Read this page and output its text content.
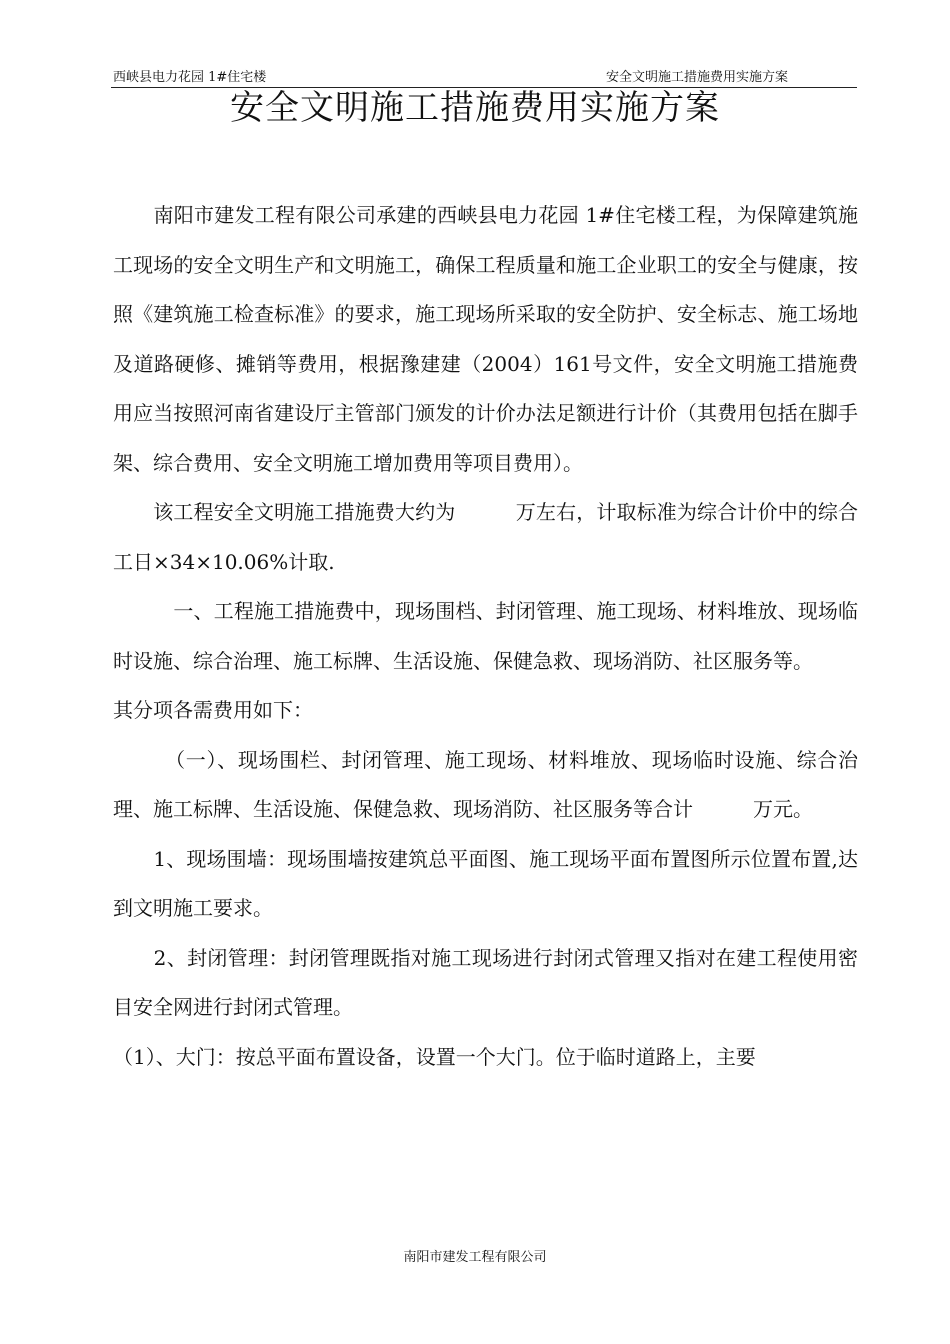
西峡县电力花园 1#住宅楼	安全文明施工措施费用实施方案
安全文明施工措施费用实施方案

　　南阳市建发工程有限公司承建的西峡县电力花园 1#住宅楼工程，为保障建筑施工现场的安全文明生产和文明施工，确保工程质量和施工企业职工的安全与健康，按照《建筑施工检查标准》的要求，施工现场所采取的安全防护、安全标志、施工场地及道路硬修、摊销等费用，根据豫建建（2004）161号文件，安全文明施工措施费用应当按照河南省建设厅主管部门颁发的计价办法足额进行计价（其费用包括在脚手架、综合费用、安全文明施工增加费用等项目费用）。

　　该工程安全文明施工措施费大约为　　　万左右，计取标准为综合计价中的综合工日×34×10.06%计取.

　　　一、工程施工措施费中，现场围档、封闭管理、施工现场、材料堆放、现场临时设施、综合治理、施工标牌、生活设施、保健急救、现场消防、社区服务等。

其分项各需费用如下：

　　　（一）、现场围栏、封闭管理、施工现场、材料堆放、现场临时设施、综合治理、施工标牌、生活设施、保健急救、现场消防、社区服务等合计　　　万元。

　　1、现场围墙：现场围墙按建筑总平面图、施工现场平面布置图所示位置布置,达到文明施工要求。

　　2、封闭管理：封闭管理既指对施工现场进行封闭式管理又指对在建工程使用密目安全网进行封闭式管理。

（1）、大门：按总平面布置设备，设置一个大门。位于临时道路上，主要

南阳市建发工程有限公司
